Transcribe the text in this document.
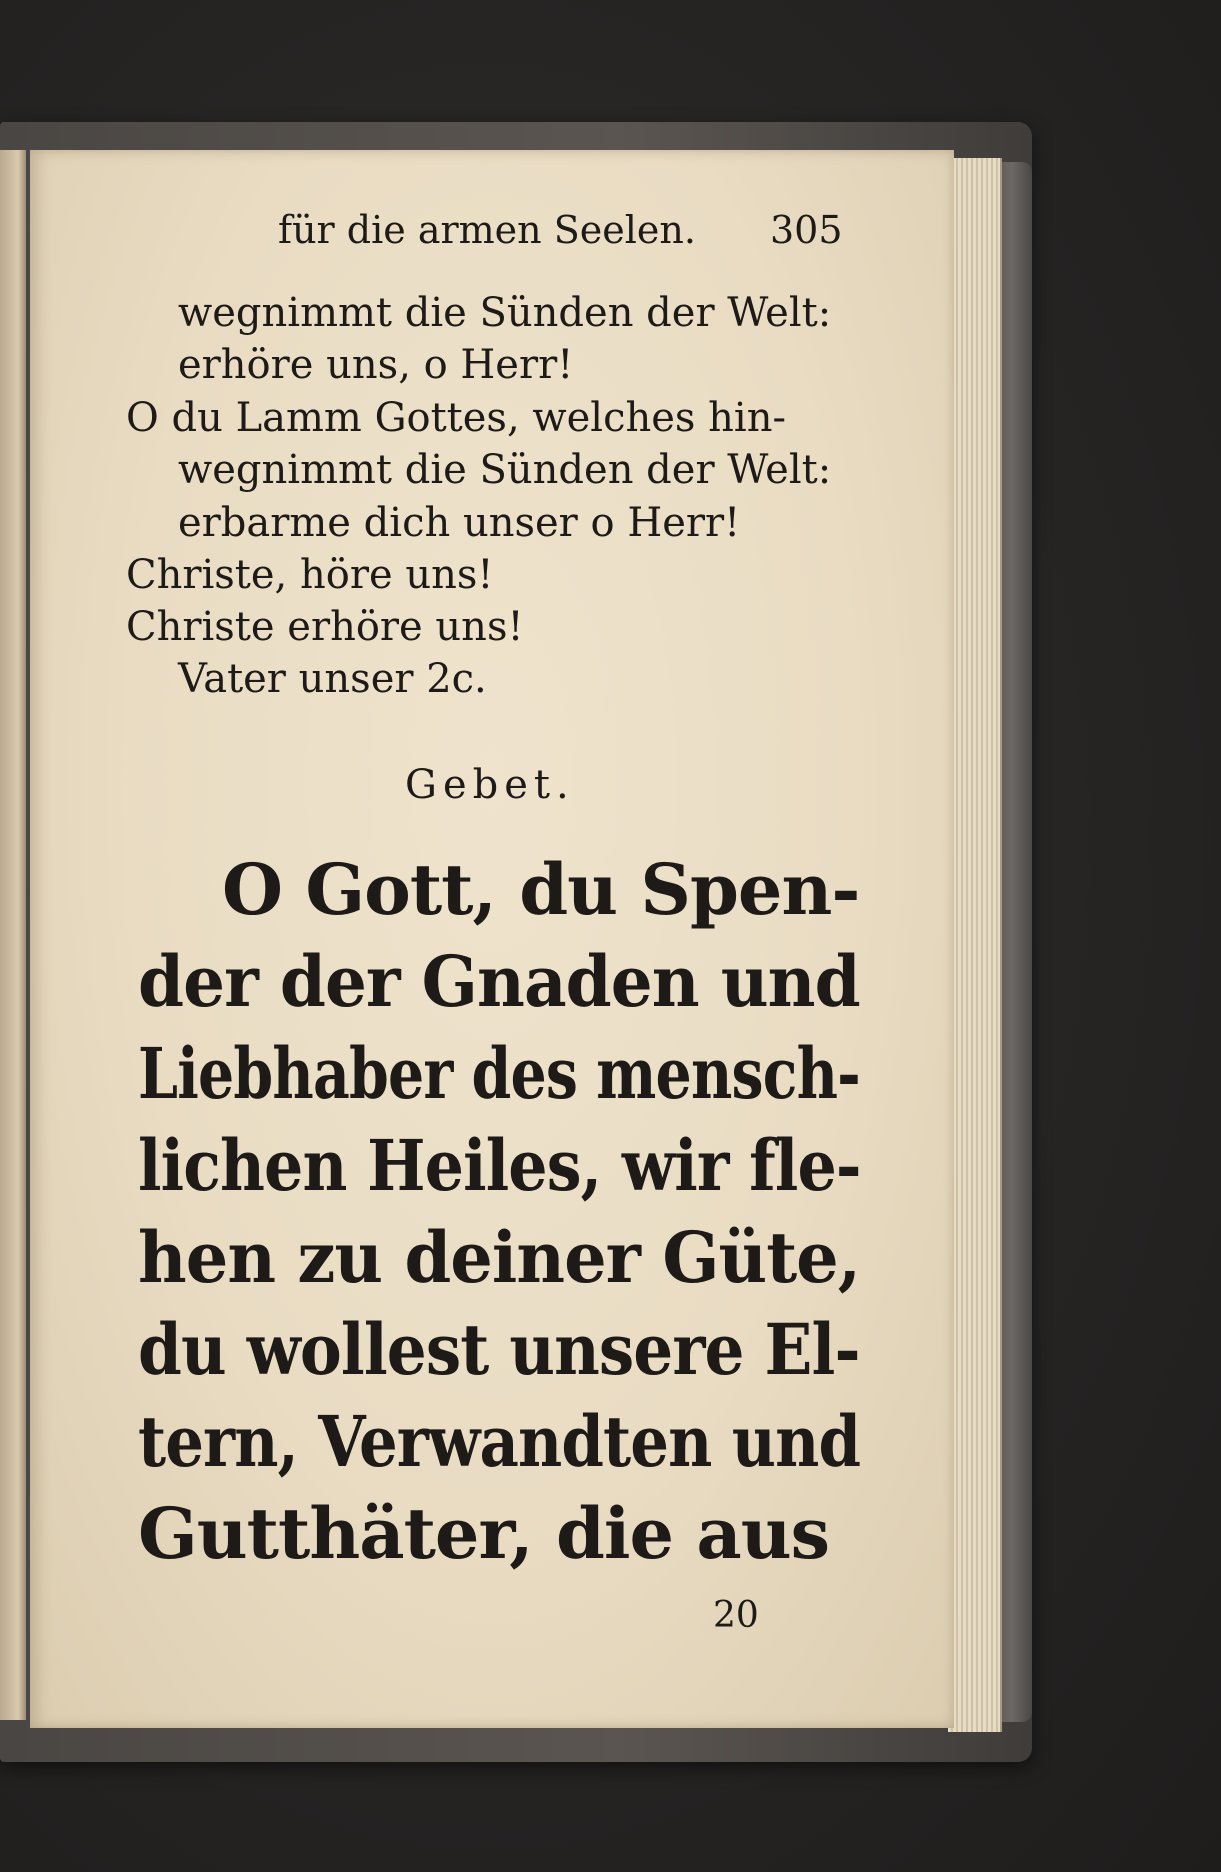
für die armen Seelen. 305
wegnimmt die Sünden der Welt:
erhöre uns, o Herr!
O du Lamm Gottes, welches hin-
wegnimmt die Sünden der Welt:
erbarme dich unser o Herr!
Christe, höre uns!
Christe erhöre uns!
Vater unser 2c.
Gebet.
O Gott, du Spen-
der der Gnaden und
Liebhaber des mensch-
lichen Heiles, wir fle-
hen zu deiner Güte,
du wollest unsere El-
tern, Verwandten und
Gutthäter, die aus
20
